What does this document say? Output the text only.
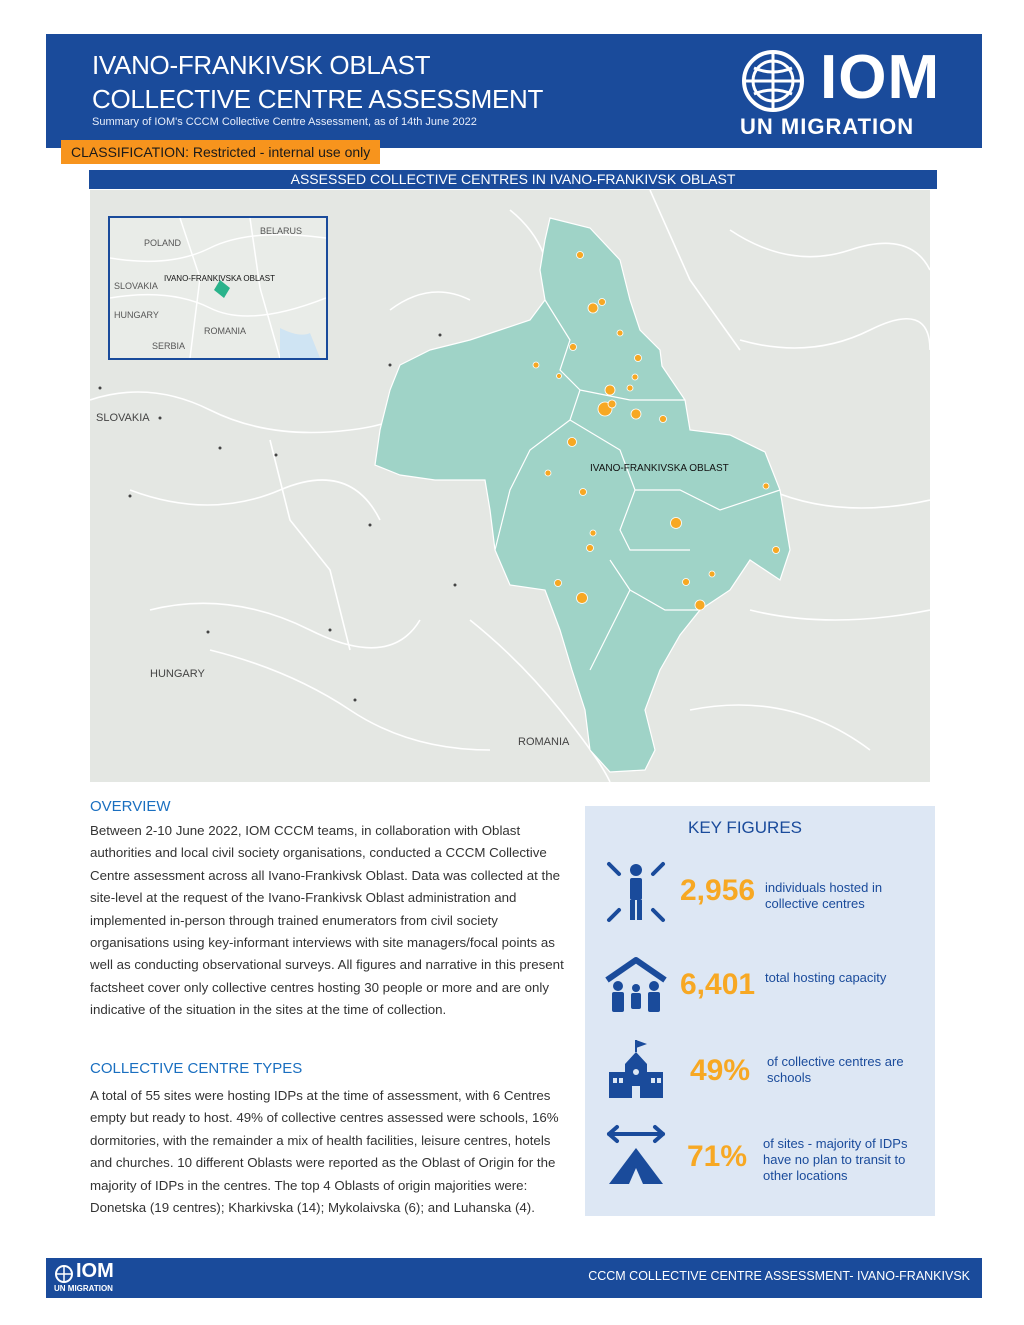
IVANO-FRANKIVSK OBLAST
COLLECTIVE CENTRE ASSESSMENT
Summary of IOM's CCCM Collective Centre Assessment, as of 14th June 2022
IOM
UN MIGRATION
CLASSIFICATION: Restricted - internal use only
ASSESSED COLLECTIVE CENTRES IN IVANO-FRANKIVSK OBLAST
POLAND
BELARUS
SLOVAKIA
IVANO-FRANKIVSKA OBLAST
HUNGARY
ROMANIA
SERBIA
SLOVAKIA
HUNGARY
ROMANIA
IVANO-FRANKIVSKA OBLAST
OVERVIEW
Between 2-10 June 2022, IOM CCCM teams, in collaboration with Oblast authorities and local civil society organisations, conducted a CCCM Collective Centre assessment across all Ivano-Frankivsk Oblast. Data was collected at the site-level at the request of the Ivano-Frankivsk Oblast administration and implemented in-person through trained enumerators from civil society organisations using key-informant interviews with site managers/focal points as well as conducting observational surveys. All figures and narrative in this present factsheet cover only collective centres hosting 30 people or more and are only indicative of the situation in the sites at the time of collection.
COLLECTIVE CENTRE TYPES
A total of 55 sites were hosting IDPs at the time of assessment, with 6 Centres empty but ready to host. 49% of collective centres assessed were schools, 16% dormitories, with the remainder a mix of health facilities, leisure centres, hotels and churches. 10 different Oblasts were reported as the Oblast of Origin for the majority of IDPs in the centres. The top 4 Oblasts of origin majorities were: Donetska (19 centres); Kharkivska (14); Mykolaivska (6); and Luhanska (4).
KEY FIGURES
2,956 individuals hosted in collective centres
6,401 total hosting capacity
49% of collective centres are schools
71% of sites - majority of IDPs have no plan to transit to other locations
IOM
UN MIGRATION
CCCM COLLECTIVE CENTRE ASSESSMENT- IVANO-FRANKIVSK
